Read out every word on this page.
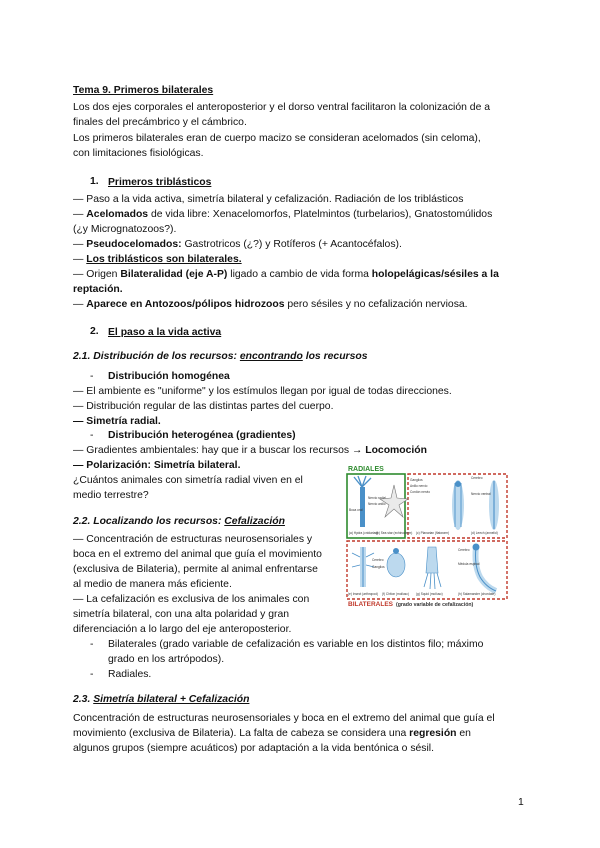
Tema 9. Primeros bilaterales
Los dos ejes corporales el anteroposterior y el dorso ventral facilitaron la colonización de a
finales del precámbrico y el cámbrico.
Los primeros bilaterales eran de cuerpo macizo se consideran acelomados (sin celoma),
con limitaciones fisiológicas.
1. Primeros triblásticos
— Paso a la vida activa, simetría bilateral y cefalización. Radiación de los triblásticos
— Acelomados de vida libre: Xenacelomorfos, Platelmintos (turbelarios), Gnatostomúlidos
(¿y Micrognatozoos?).
— Pseudocelomados: Gastrotricos (¿?) y Rotíferos (+ Acantocéfalos).
— Los triblásticos son bilaterales.
— Origen Bilateralidad (eje A-P) ligado a cambio de vida forma holopelágicas/sésiles a la
reptación.
— Aparece en Antozoos/pólipos hidrozoos pero sésiles y no cefalización nerviosa.
2. El paso a la vida activa
2.1. Distribución de los recursos: encontrando los recursos
- Distribución homogénea
— El ambiente es "uniforme" y los estímulos llegan por igual de todas direcciones.
— Distribución regular de las distintas partes del cuerpo.
— Simetría radial.
- Distribución heterogénea (gradientes)
— Gradientes ambientales: hay que ir a buscar los recursos → Locomoción
— Polarización: Simetría bilateral.
¿Cuántos animales con simetría radial viven en el
medio terrestre?
2.2. Localizando los recursos: Cefalización
— Concentración de estructuras neurosensoriales y
boca en el extremo del animal que guía el movimiento
(exclusiva de Bilateria), permite al animal enfrentarse
al medio de manera más eficiente.
— La cefalización es exclusiva de los animales con
simetría bilateral, con una alta polaridad y gran
diferenciación a lo largo del eje anteroposterior.
- Bilaterales (grado variable de cefalización es variable en los distintos filo; máximo
grado en los artrópodos).
- Radiales.
2.3. Simetría bilateral + Cefalización
Concentración de estructuras neurosensoriales y boca en el extremo del animal que guía el
movimiento (exclusiva de Bilateria). La falta de cabeza se considera una regresión en
algunos grupos (siempre acuáticos) por adaptación a la vida bentónica o sésil.
RADIALES
Boca oral
Nervio radial
Nervio anillo
(a) Hydra (cnidarian)
(b) Sea star (echinoderm)
Ganglios
Anillo nervio
Cordón nervio
(c) Planarian (flatworm)
Cerebro
Nervio ventral
(d) Leech (annelid)
(e) Insect (arthropod) (f) Chiton (mollusc) (g) Squid (mollusc)
Cerebro
Médula espinal
(h) Salamander (chordate)
Cerebro
Ganglios
BILATERALES (grado variable de cefalización)
1
